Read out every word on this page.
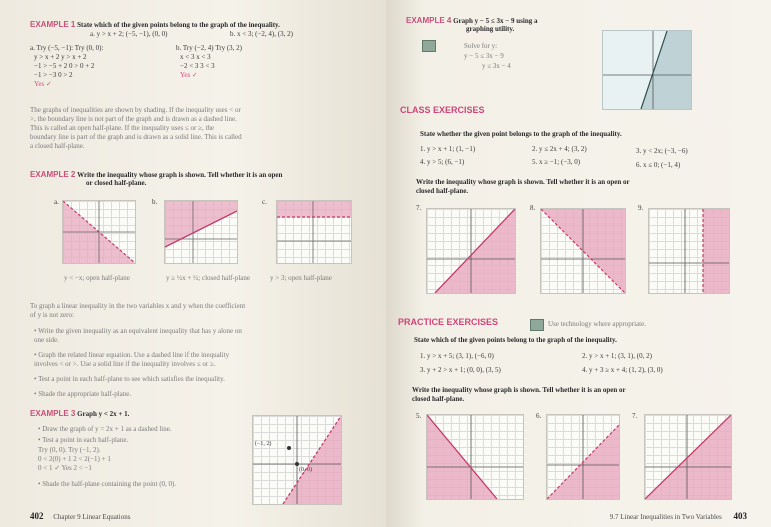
EXAMPLE 1 State which of the given points belong to the graph of the inequality.
a. y > x + 2; (−5, −1), (0, 0)	b. x < 3; (−2, 4), (3, 2)
a. Try (−5, −1): Try (0, 0):
y > x + 2 y > x + 2
−1 > −5 + 2 0 > 0 + 2
−1 > −3 0 > 2
Yes ✓
b. Try (−2, 4) Try (3, 2)
x < 3 x < 3
−2 < 3 3 < 3
Yes ✓
The graphs of inequalities are shown by shading. If the inequality uses < or
>, the boundary line is not part of the graph and is drawn as a dashed line.
This is called an open half-plane. If the inequality uses ≤ or ≥, the
boundary line is part of the graph and is drawn as a solid line. This is called
a closed half-plane.
EXAMPLE 2 Write the inequality whose graph is shown. Tell whether it is an open
or closed half-plane.
a.	b.	c.
y < −x; open half-plane	y ≥ ½x + ½; closed half-plane	y > 3; open half-plane
To graph a linear inequality in the two variables x and y when the coefficient
of y is not zero:
• Write the given inequality as an equivalent inequality that has y alone on
one side.
• Graph the related linear equation. Use a dashed line if the inequality
involves < or >. Use a solid line if the inequality involves ≤ or ≥.
• Test a point in each half-plane to see which satisfies the inequality.
• Shade the appropriate half-plane.
EXAMPLE 3 Graph y < 2x + 1.
• Draw the graph of y = 2x + 1 as a dashed line.
• Test a point in each half-plane.
Try (0, 0). Try (−1, 2).
0 < 2(0) + 1 2 < 2(−1) + 1
0 < 1 ✓ Yes 2 < −1
• Shade the half-plane containing the point (0, 0).
(−1, 2)
(0, 0)
402 Chapter 9 Linear Equations
EXAMPLE 4 Graph y − 5 ≤ 3x − 9 using a
graphing utility.
Solve for y:
y − 5 ≤ 3x − 9
y ≤ 3x − 4
CLASS EXERCISES
State whether the given point belongs to the graph of the inequality.
1. y > x + 1; (1, −1)	2. y ≤ 2x + 4; (3, 2)	3. y < 2x; (−3, −6)
4. y > 5; (6, −1)	5. x ≥ −1; (−3, 0)	6. x ≤ 0; (−1, 4)
Write the inequality whose graph is shown. Tell whether it is an open or
closed half-plane.
7.	8.	9.
PRACTICE EXERCISES	Use technology where appropriate.
State which of the given points belong to the graph of the inequality.
1. y > x + 5; (3, 1), (−6, 0)	2. y > x + 1; (3, 1), (0, 2)
3. y + 2 > x + 1; (0, 0), (3, 5)	4. y + 3 ≥ x + 4; (1, 2), (3, 0)
Write the inequality whose graph is shown. Tell whether it is an open or
closed half-plane.
5.	6.	7.
9.7 Linear Inequalities in Two Variables 403
